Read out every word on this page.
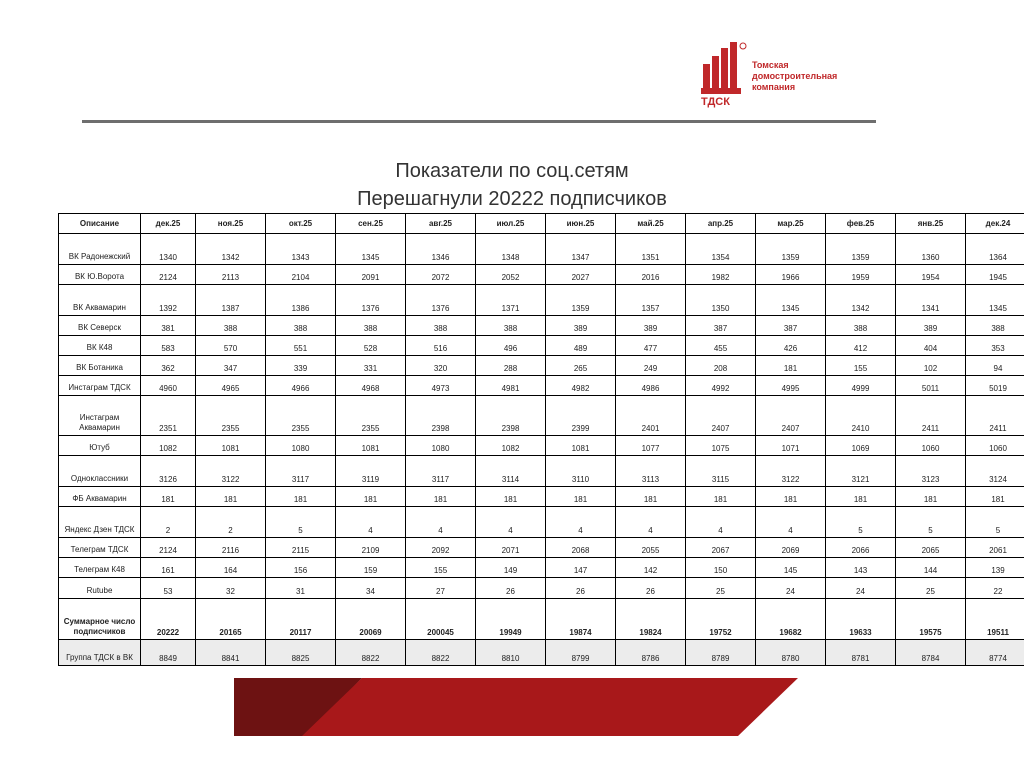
ТДСК
Томская
домостроительная
компания
Показатели по соц.сетям
Перешагнули 20222 подписчиков
Описание	дек.25	ноя.25	окт.25	сен.25	авг.25	июл.25	июн.25	май.25	апр.25	мар.25	фев.25	янв.25	дек.24
ВК Радонежский	1340	1342	1343	1345	1346	1348	1347	1351	1354	1359	1359	1360	1364
ВК Ю.Ворота	2124	2113	2104	2091	2072	2052	2027	2016	1982	1966	1959	1954	1945
ВК Аквамарин	1392	1387	1386	1376	1376	1371	1359	1357	1350	1345	1342	1341	1345
ВК Северск	381	388	388	388	388	388	389	389	387	387	388	389	388
ВК К48	583	570	551	528	516	496	489	477	455	426	412	404	353
ВК Ботаника	362	347	339	331	320	288	265	249	208	181	155	102	94
Инстаграм ТДСК	4960	4965	4966	4968	4973	4981	4982	4986	4992	4995	4999	5011	5019
Инстаграм Аквамарин	2351	2355	2355	2355	2398	2398	2399	2401	2407	2407	2410	2411	2411
Ютуб	1082	1081	1080	1081	1080	1082	1081	1077	1075	1071	1069	1060	1060
Одноклассники	3126	3122	3117	3119	3117	3114	3110	3113	3115	3122	3121	3123	3124
ФБ Аквамарин	181	181	181	181	181	181	181	181	181	181	181	181	181
Яндекс Дзен ТДСК	2	2	5	4	4	4	4	4	4	4	5	5	5
Телеграм ТДСК	2124	2116	2115	2109	2092	2071	2068	2055	2067	2069	2066	2065	2061
Телеграм К48	161	164	156	159	155	149	147	142	150	145	143	144	139
Rutube	53	32	31	34	27	26	26	26	25	24	24	25	22
Суммарное число подписчиков	20222	20165	20117	20069	200045	19949	19874	19824	19752	19682	19633	19575	19511
Группа ТДСК в ВК	8849	8841	8825	8822	8822	8810	8799	8786	8789	8780	8781	8784	8774
